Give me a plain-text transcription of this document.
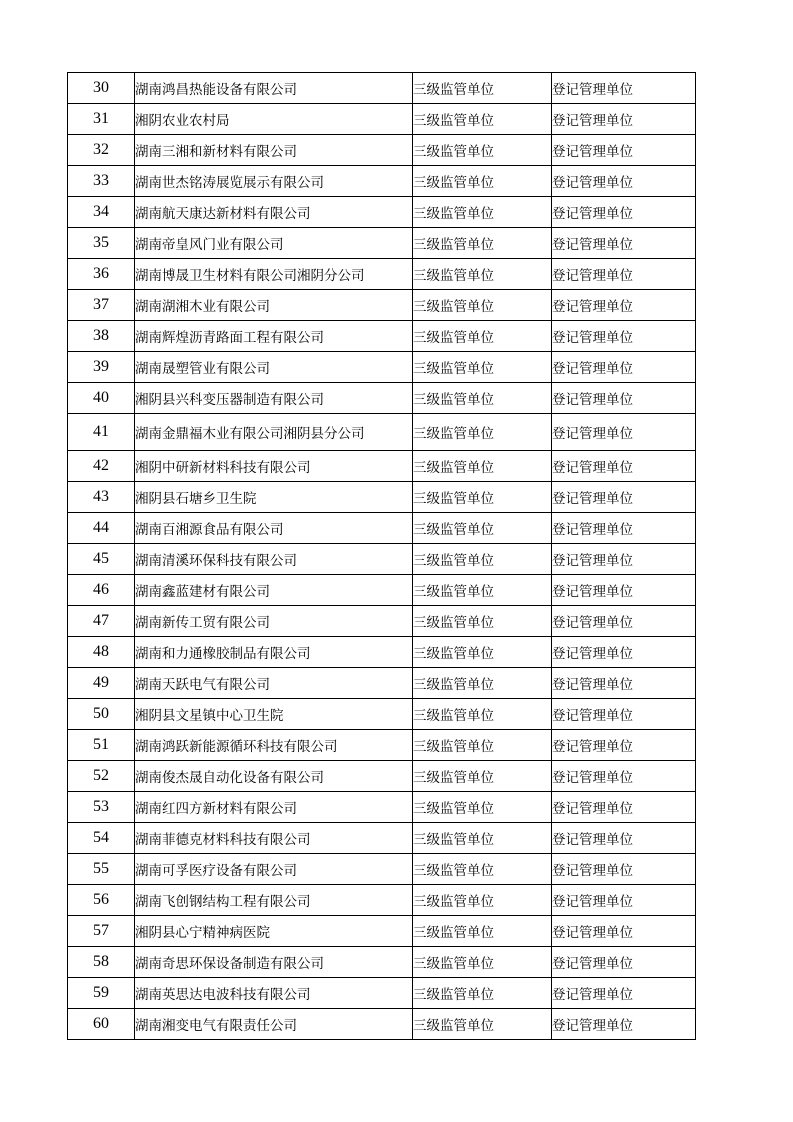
30	湖南鸿昌热能设备有限公司	三级监管单位	登记管理单位
31	湘阴农业农村局	三级监管单位	登记管理单位
32	湖南三湘和新材料有限公司	三级监管单位	登记管理单位
33	湖南世杰铭涛展览展示有限公司	三级监管单位	登记管理单位
34	湖南航天康达新材料有限公司	三级监管单位	登记管理单位
35	湖南帝皇风门业有限公司	三级监管单位	登记管理单位
36	湖南博晟卫生材料有限公司湘阴分公司	三级监管单位	登记管理单位
37	湖南湖湘木业有限公司	三级监管单位	登记管理单位
38	湖南辉煌沥青路面工程有限公司	三级监管单位	登记管理单位
39	湖南晟塑管业有限公司	三级监管单位	登记管理单位
40	湘阴县兴科变压器制造有限公司	三级监管单位	登记管理单位
41	湖南金鼎福木业有限公司湘阴县分公司	三级监管单位	登记管理单位
42	湘阴中研新材料科技有限公司	三级监管单位	登记管理单位
43	湘阴县石塘乡卫生院	三级监管单位	登记管理单位
44	湖南百湘源食品有限公司	三级监管单位	登记管理单位
45	湖南清溪环保科技有限公司	三级监管单位	登记管理单位
46	湖南鑫蓝建材有限公司	三级监管单位	登记管理单位
47	湖南新传工贸有限公司	三级监管单位	登记管理单位
48	湖南和力通橡胶制品有限公司	三级监管单位	登记管理单位
49	湖南天跃电气有限公司	三级监管单位	登记管理单位
50	湘阴县文星镇中心卫生院	三级监管单位	登记管理单位
51	湖南鸿跃新能源循环科技有限公司	三级监管单位	登记管理单位
52	湖南俊杰晟自动化设备有限公司	三级监管单位	登记管理单位
53	湖南红四方新材料有限公司	三级监管单位	登记管理单位
54	湖南菲德克材料科技有限公司	三级监管单位	登记管理单位
55	湖南可孚医疗设备有限公司	三级监管单位	登记管理单位
56	湖南飞创钢结构工程有限公司	三级监管单位	登记管理单位
57	湘阴县心宁精神病医院	三级监管单位	登记管理单位
58	湖南奇思环保设备制造有限公司	三级监管单位	登记管理单位
59	湖南英思达电波科技有限公司	三级监管单位	登记管理单位
60	湖南湘变电气有限责任公司	三级监管单位	登记管理单位
